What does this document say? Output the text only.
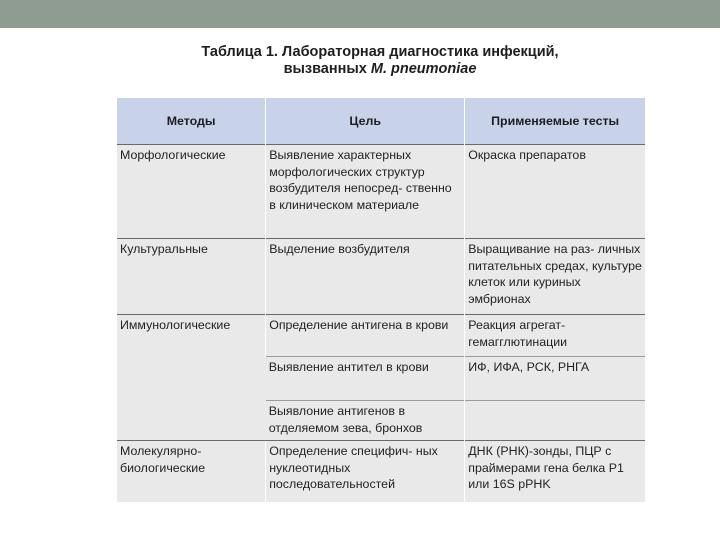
Таблица 1. Лабораторная диагностика инфекций,
вызванных M. pneumoniae
Методы	Цель	Применяемые тесты
Морфологические	Выявление характерных морфологических структур возбудителя непосред- ственно в клиническом материале	Окраска препаратов
Культуральные	Выделение возбудителя	Выращивание на раз- личных питательных средах, культуре клеток или куриных эмбрионах
Иммунологические	Определение антигена в крови	Реакция агрегат- гемагглютинации
	Выявление антител в крови	ИФ, ИФА, РСК, РНГА
	Выявлоние антигенов в отделяемом зева, бронхов	
Молекулярно- биологические	Определение специфич- ных нуклеотидных последовательностей	ДНК (РНК)-зонды, ПЦР с праймерами гена белка P1 или 16S pPHK
